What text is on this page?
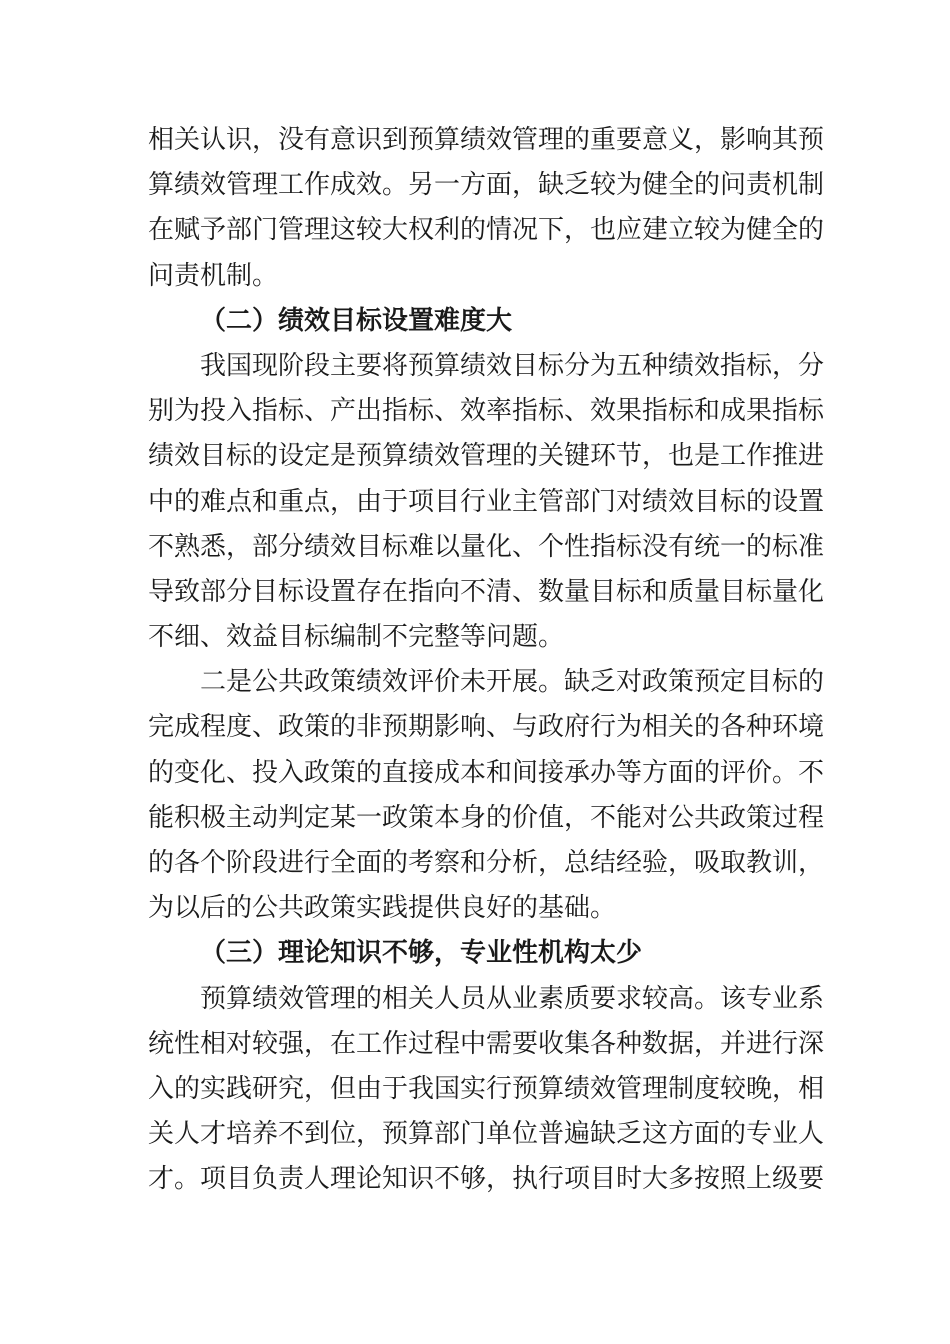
相关认识，没有意识到预算绩效管理的重要意义，影响其预
算绩效管理工作成效。另一方面，缺乏较为健全的问责机制
在赋予部门管理这较大权利的情况下，也应建立较为健全的
问责机制。
（二）绩效目标设置难度大
我国现阶段主要将预算绩效目标分为五种绩效指标，分
别为投入指标、产出指标、效率指标、效果指标和成果指标
绩效目标的设定是预算绩效管理的关键环节，也是工作推进
中的难点和重点，由于项目行业主管部门对绩效目标的设置
不熟悉，部分绩效目标难以量化、个性指标没有统一的标准
导致部分目标设置存在指向不清、数量目标和质量目标量化
不细、效益目标编制不完整等问题。
二是公共政策绩效评价未开展。缺乏对政策预定目标的
完成程度、政策的非预期影响、与政府行为相关的各种环境
的变化、投入政策的直接成本和间接承办等方面的评价。不
能积极主动判定某一政策本身的价值，不能对公共政策过程
的各个阶段进行全面的考察和分析，总结经验，吸取教训，
为以后的公共政策实践提供良好的基础。
（三）理论知识不够，专业性机构太少
预算绩效管理的相关人员从业素质要求较高。该专业系
统性相对较强，在工作过程中需要收集各种数据，并进行深
入的实践研究，但由于我国实行预算绩效管理制度较晚，相
关人才培养不到位，预算部门单位普遍缺乏这方面的专业人
才。项目负责人理论知识不够，执行项目时大多按照上级要
